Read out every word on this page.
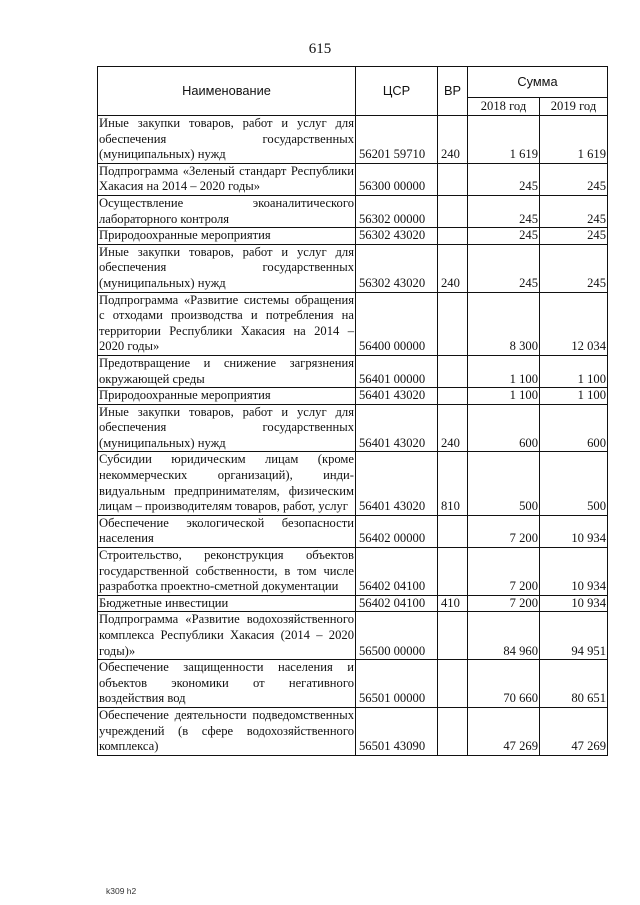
615
Наименование	ЦСР	ВР	Сумма	
			2018 год	2019 год
Иные закупки товаров, работ и услуг для обеспечения государственных (муниципальных) нужд	56201 59710	240	1 619	1 619
Подпрограмма «Зеленый стандарт Республики Хакасия на 2014 – 2020 годы»	56300 00000		245	245
Осуществление экоаналитического лабораторного контроля	56302 00000		245	245
Природоохранные мероприятия	56302 43020		245	245
Иные закупки товаров, работ и услуг для обеспечения государственных (муниципальных) нужд	56302 43020	240	245	245
Подпрограмма «Развитие системы обращения с отходами производства и потребления на территории Республики Хакасия на 2014 – 2020 годы»	56400 00000		8 300	12 034
Предотвращение и снижение загрязнения окружающей среды	56401 00000		1 100	1 100
Природоохранные мероприятия	56401 43020		1 100	1 100
Иные закупки товаров, работ и услуг для обеспечения государственных (муниципальных) нужд	56401 43020	240	600	600
Субсидии юридическим лицам (кроме некоммерческих организаций), индивидуальным предпринимателям, физическим лицам – производителям товаров, работ, услуг	56401 43020	810	500	500
Обеспечение экологической безопасности населения	56402 00000		7 200	10 934
Строительство, реконструкция объектов государственной собственности, в том числе разработка проектно-сметной документации	56402 04100		7 200	10 934
Бюджетные инвестиции	56402 04100	410	7 200	10 934
Подпрограмма «Развитие водохозяйственного комплекса Республики Хакасия (2014 – 2020 годы)»	56500 00000		84 960	94 951
Обеспечение защищенности населения и объектов экономики от негативного воздействия вод	56501 00000		70 660	80 651
Обеспечение деятельности подведомственных учреждений (в сфере водохозяйственного комплекса)	56501 43090		47 269	47 269
k309 h2
